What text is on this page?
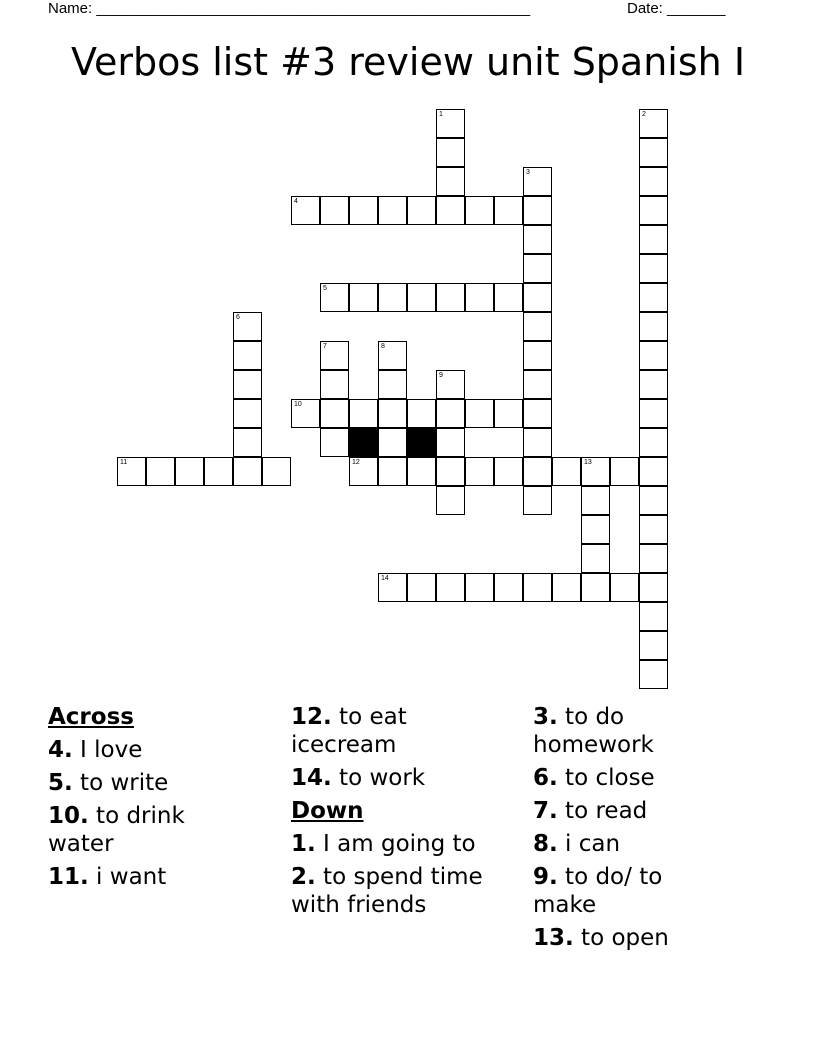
Name: ____________________________________________________	Date: _______
Verbos list #3 review unit Spanish I
1	2
3
4
5
6
7	8
9
10
11	12	13
14
Across
4. I love
5. to write
10. to drink water
11. i want
12. to eat icecream
14. to work
Down
1. I am going to
2. to spend time with friends
3. to do homework
6. to close
7. to read
8. i can
9. to do/ to make
13. to open
